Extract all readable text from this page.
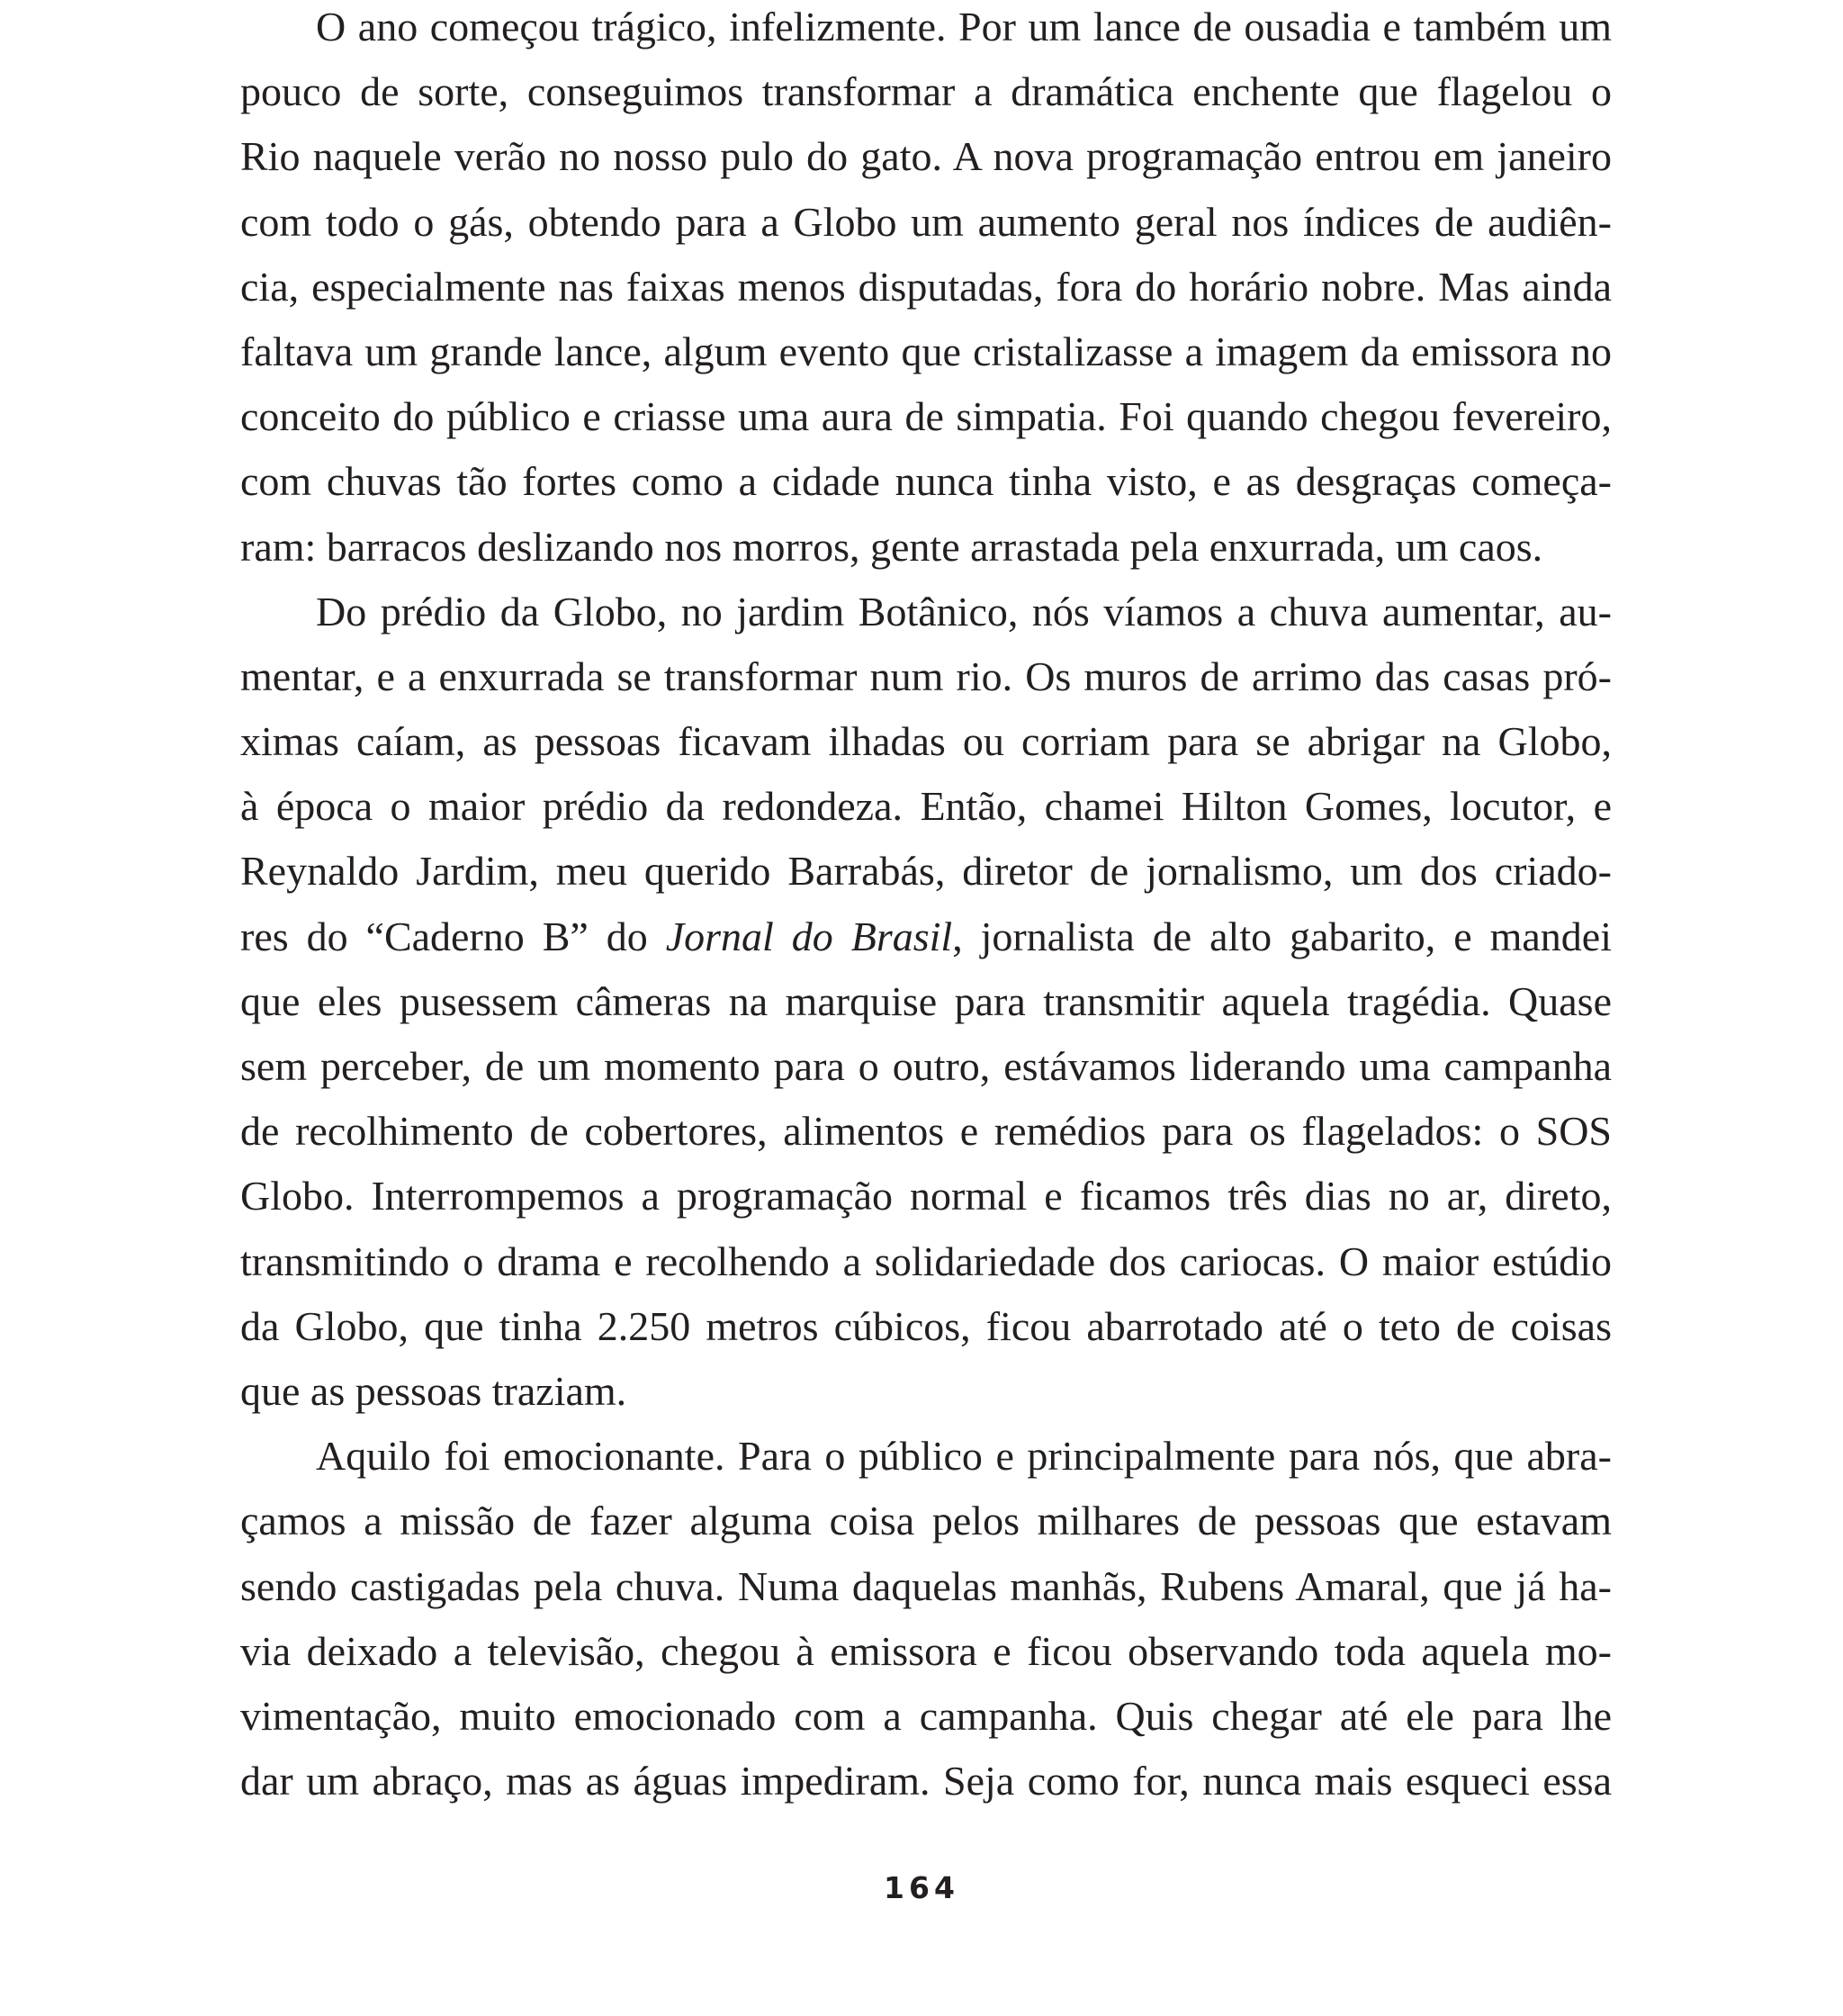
O ano começou trágico, infelizmente. Por um lance de ousadia e também um
pouco de sorte, conseguimos transformar a dramática enchente que flagelou o
Rio naquele verão no nosso pulo do gato. A nova programação entrou em janeiro
com todo o gás, obtendo para a Globo um aumento geral nos índices de audiên-
cia, especialmente nas faixas menos disputadas, fora do horário nobre. Mas ainda
faltava um grande lance, algum evento que cristalizasse a imagem da emissora no
conceito do público e criasse uma aura de simpatia. Foi quando chegou fevereiro,
com chuvas tão fortes como a cidade nunca tinha visto, e as desgraças começa-
ram: barracos deslizando nos morros, gente arrastada pela enxurrada, um caos.
Do prédio da Globo, no jardim Botânico, nós víamos a chuva aumentar, au-
mentar, e a enxurrada se transformar num rio. Os muros de arrimo das casas pró-
ximas caíam, as pessoas ficavam ilhadas ou corriam para se abrigar na Globo,
à época o maior prédio da redondeza. Então, chamei Hilton Gomes, locutor, e
Reynaldo Jardim, meu querido Barrabás, diretor de jornalismo, um dos criado-
res do “Caderno B” do Jornal do Brasil, jornalista de alto gabarito, e mandei
que eles pusessem câmeras na marquise para transmitir aquela tragédia. Quase
sem perceber, de um momento para o outro, estávamos liderando uma campanha
de recolhimento de cobertores, alimentos e remédios para os flagelados: o SOS
Globo. Interrompemos a programação normal e ficamos três dias no ar, direto,
transmitindo o drama e recolhendo a solidariedade dos cariocas. O maior estúdio
da Globo, que tinha 2.250 metros cúbicos, ficou abarrotado até o teto de coisas
que as pessoas traziam.
Aquilo foi emocionante. Para o público e principalmente para nós, que abra-
çamos a missão de fazer alguma coisa pelos milhares de pessoas que estavam
sendo castigadas pela chuva. Numa daquelas manhãs, Rubens Amaral, que já ha-
via deixado a televisão, chegou à emissora e ficou observando toda aquela mo-
vimentação, muito emocionado com a campanha. Quis chegar até ele para lhe
dar um abraço, mas as águas impediram. Seja como for, nunca mais esqueci essa
164
